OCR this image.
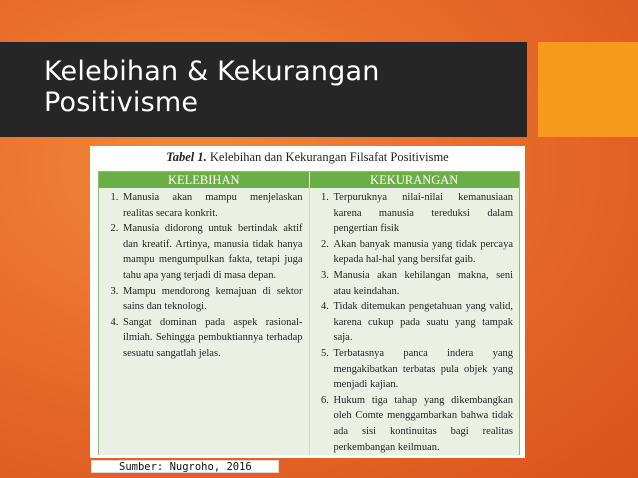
Kelebihan & Kekurangan
Positivisme
Tabel 1. Kelebihan dan Kekurangan Filsafat Positivisme
KELEBIHAN	KEKURANGAN
1. Manusia akan mampu menjelaskan realitas secara konkrit.
2. Manusia didorong untuk bertindak aktif dan kreatif. Artinya, manusia tidak hanya mampu mengumpulkan fakta, tetapi juga tahu apa yang terjadi di masa depan.
3. Mampu mendorong kemajuan di sektor sains dan teknologi.
4. Sangat dominan pada aspek rasional-ilmiah. Sehingga pembuktiannya terhadap sesuatu sangatlah jelas.
1. Terpuruknya nilai-nilai kemanusiaan karena manusia tereduksi dalam pengertian fisik
2. Akan banyak manusia yang tidak percaya kepada hal-hal yang bersifat gaib.
3. Manusia akan kehilangan makna, seni atau keindahan.
4. Tidak ditemukan pengetahuan yang valid, karena cukup pada suatu yang tampak saja.
5. Terbatasnya panca indera yang mengakibatkan terbatas pula objek yang menjadi kajian.
6. Hukum tiga tahap yang dikembangkan oleh Comte menggambarkan bahwa tidak ada sisi kontinuitas bagi realitas perkembangan keilmuan.
Sumber: Nugroho, 2016
